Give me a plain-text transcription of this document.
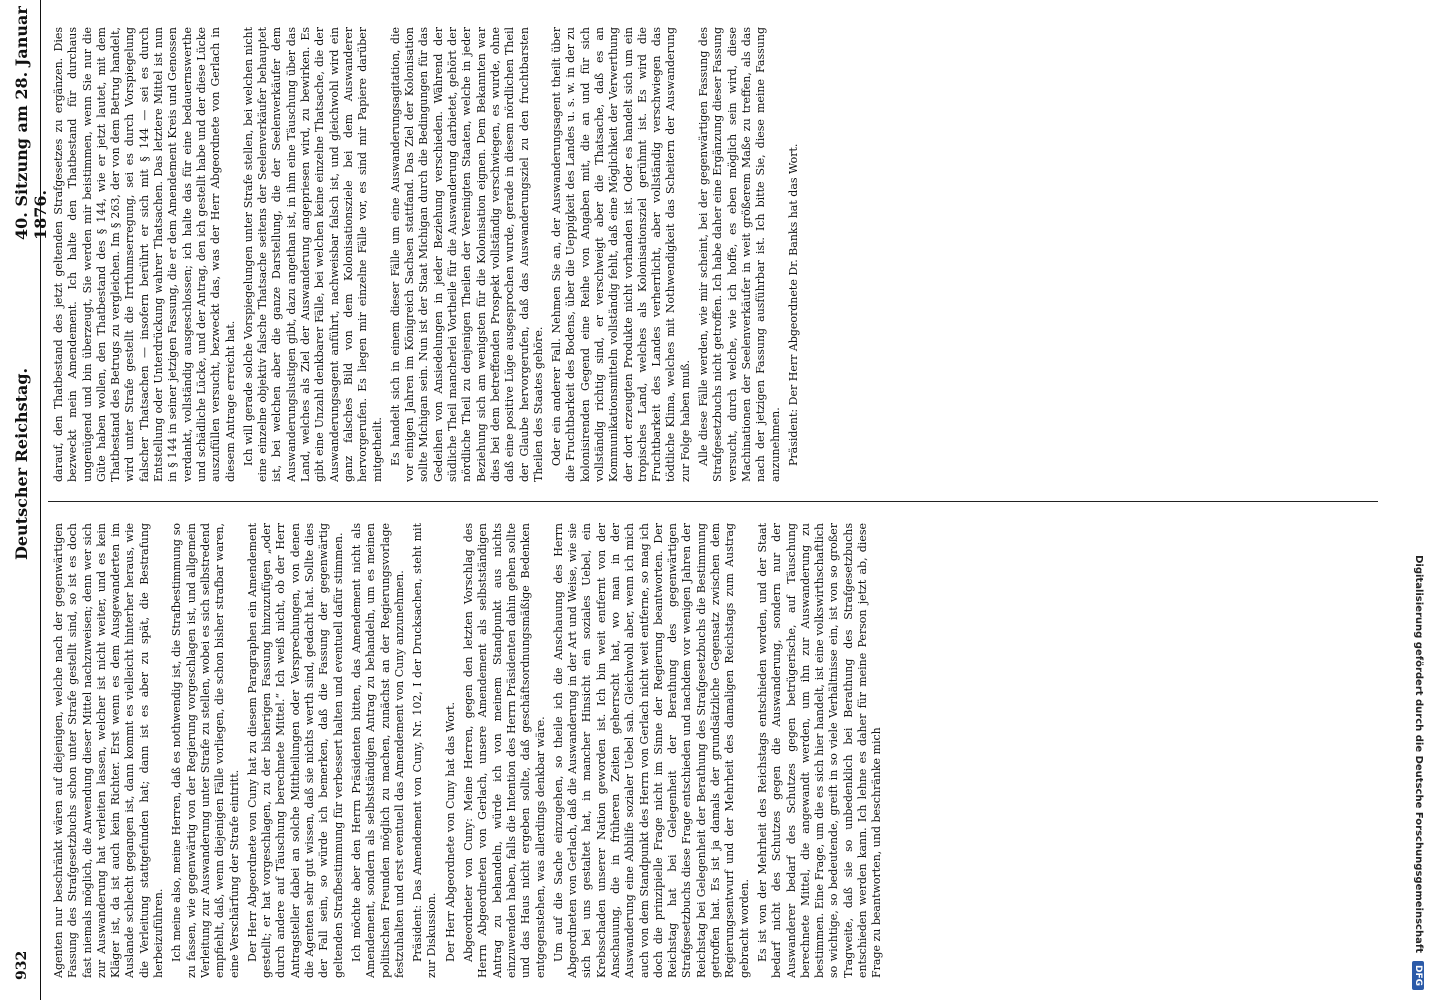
932
Deutscher Reichstag.
40. Sitzung am 28. Januar 1876.

Agenten nur beschränkt wären auf diejenigen, welche nach der gegenwärtigen Fassung des Strafgesetzbuchs schon unter Strafe gestellt sind, so ist es doch fast niemals möglich, die Anwendung dieser Mittel nachzuweisen; denn wer sich zur Auswanderung hat verleiten lassen, welcher ist nicht weiter, und es kein Kläger ist, da ist auch kein Richter. Erst wenn es dem Ausgewanderten im Auslande schlecht gegangen ist, dann kommt es vielleicht hinterher heraus, wie die Verleitung stattgefunden hat; dann ist es aber zu spät, die Bestrafung herbeizuführen. Ich meine also, meine Herren, daß es nothwendig ist, die Strafbestimmung so zu fassen, wie gegenwärtig von der Regierung vorgeschlagen ist, und allgemein Verleitung zur Auswanderung unter Strafe zu stellen, wobei es sich selbstredend empfiehlt, daß, wenn diejenigen Fälle vorliegen, die schon bisher strafbar waren, eine Verschärfung der Strafe eintritt. Der Herr Abgeordnete von Cuny hat zu diesem Paragraphen ein Amendement gestellt; er hat vorgeschlagen, zu der bisherigen Fassung hinzuzufügen „oder durch andere auf Täuschung berechnete Mittel.“ Ich weiß nicht, ob der Herr Antragsteller dabei an solche Mittheilungen oder Versprechungen, von denen die Agenten sehr gut wissen, daß sie nichts werth sind, gedacht hat. Sollte dies der Fall sein, so würde ich bemerken, daß die Fassung der gegenwärtig geltenden Strafbestimmung für verbessert halten und eventuell dafür stimmen. Ich möchte aber den Herrn Präsidenten bitten, das Amendement nicht als Amendement, sondern als selbstständigen Antrag zu behandeln, um es meinen politischen Freunden möglich zu machen, zunächst an der Regierungsvorlage festzuhalten und erst eventuell das Amendement von Cuny anzunehmen. Präsident: Das Amendement von Cuny, Nr. 102, I der Drucksachen, steht mit zur Diskussion. Der Herr Abgeordnete von Cuny hat das Wort. Abgeordneter von Cuny: Meine Herren, gegen den letzten Vorschlag des Herrn Abgeordneten von Gerlach, unsere Amendement als selbstständigen Antrag zu behandeln, würde ich von meinem Standpunkt aus nichts einzuwenden haben, falls die Intention des Herrn Präsidenten dahin gehen sollte und das Haus nicht ergeben sollte, daß geschäftsordnungsmäßige Bedenken entgegenstehen, was allerdings denkbar wäre. Um auf die Sache einzugehen, so theile ich die Anschauung des Herrn Abgeordneten von Gerlach, daß die Auswanderung in der Art und Weise, wie sie sich bei uns gestaltet hat, in mancher Hinsicht ein soziales Uebel, ein Krebsschaden unserer Nation geworden ist. Ich bin weit entfernt von der Anschauung, die in früheren Zeiten geherrscht hat, wo man in der Auswanderung eine Abhilfe sozialer Uebel sah. Gleichwohl aber, wenn ich mich auch von dem Standpunkt des Herrn von Gerlach nicht weit entferne, so mag ich doch die prinzipielle Frage nicht im Sinne der Regierung beantworten. Der Reichstag hat bei Gelegenheit der Berathung des gegenwärtigen Strafgesetzbuchs diese Frage entschieden und nachdem vor wenigen Jahren der Reichstag bei Gelegenheit der Berathung des Strafgesetzbuchs die Bestimmung getroffen hat. Es ist ja damals der grundsätzliche Gegensatz zwischen dem Regierungsentwurf und der Mehrheit des damaligen Reichstags zum Austrag gebracht worden. Es ist von der Mehrheit des Reichstags entschieden worden, und der Staat bedarf nicht des Schutzes gegen die Auswanderung, sondern nur der Auswanderer bedarf des Schutzes gegen betrügerische, auf Täuschung berechnete Mittel, die angewandt werden, um ihn zur Auswanderung zu bestimmen. Eine Frage, um die es sich hier handelt, ist eine volkswirthschaftlich so wichtige, so bedeutende, greift in so viele Verhältnisse ein, ist von so großer Tragweite, daß sie so unbedenklich bei Berathung des Strafgesetzbuchs entschieden werden kann. Ich lehne es daher für meine Person jetzt ab, diese Frage zu beantworten, und beschränke mich

darauf, den Thatbestand des jetzt geltenden Strafgesetzes zu ergänzen. Dies bezweckt mein Amendement. Ich halte den Thatbestand für durchaus ungenügend und bin überzeugt, Sie werden mir beistimmen, wenn Sie nur die Güte haben wollen, den Thatbestand des § 144, wie er jetzt lautet, mit dem Thatbestand des Betrugs zu vergleichen. Im § 263, der von dem Betrug handelt, wird unter Strafe gestellt die Irrthumserregung, sei es durch Vorspiegelung falscher Thatsachen — insofern berührt er sich mit § 144 — sei es durch Entstellung oder Unterdrückung wahrer Thatsachen. Das letztere Mittel ist nun in § 144 in seiner jetzigen Fassung, die er dem Amendement Kreis und Genossen verdankt, vollständig ausgeschlossen; ich halte das für eine bedauernswerthe und schädliche Lücke, und der Antrag, den ich gestellt habe und der diese Lücke auszufüllen versucht, bezweckt das, was der Herr Abgeordnete von Gerlach in diesem Antrage erreicht hat. Ich will gerade solche Vorspiegelungen unter Strafe stellen, bei welchen nicht eine einzelne objektiv falsche Thatsache seitens der Seelenverkäufer behauptet ist, bei welchen aber die ganze Darstellung, die der Seelenverkäufer dem Auswanderungslustigen gibt, dazu angethan ist, in ihm eine Täuschung über das Land, welches als Ziel der Auswanderung angepriesen wird, zu bewirken. Es gibt eine Unzahl denkbarer Fälle, bei welchen keine einzelne Thatsache, die der Auswanderungsagent anführt, nachweisbar falsch ist, und gleichwohl wird ein ganz falsches Bild von dem Kolonisationsziele bei dem Auswanderer hervorgerufen. Es liegen mir einzelne Fälle vor, es sind mir Papiere darüber mitgetheilt. Es handelt sich in einem dieser Fälle um eine Auswanderungsagitation, die vor einigen Jahren im Königreich Sachsen stattfand. Das Ziel der Kolonisation sollte Michigan sein. Nun ist der Staat Michigan durch die Bedingungen für das Gedeihen von Ansiedelungen in jeder Beziehung verschieden. Während der südliche Theil mancherlei Vortheile für die Auswanderung darbietet, gehört der nördliche Theil zu denjenigen Theilen der Vereinigten Staaten, welche in jeder Beziehung sich am wenigsten für die Kolonisation eignen. Dem Bekannten war dies bei dem betreffenden Prospekt vollständig verschwiegen, es wurde, ohne daß eine positive Lüge ausgesprochen wurde, gerade in diesem nördlichen Theil der Glaube hervorgerufen, daß das Auswanderungsziel zu den fruchtbarsten Theilen des Staates gehöre. Oder ein anderer Fall. Nehmen Sie an, der Auswanderungsagent theilt über die Fruchtbarkeit des Bodens, über die Ueppigkeit des Landes u. s. w. in der zu kolonisirenden Gegend eine Reihe von Angaben mit, die an und für sich vollständig richtig sind, er verschweigt aber die Thatsache, daß es an Kommunikationsmitteln vollständig fehlt, daß eine Möglichkeit der Verwerthung der dort erzeugten Produkte nicht vorhanden ist. Oder es handelt sich um ein tropisches Land, welches als Kolonisationsziel gerühmt ist. Es wird die Fruchtbarkeit des Landes verherrlicht, aber vollständig verschwiegen das tödtliche Klima, welches mit Nothwendigkeit das Scheitern der Auswanderung zur Folge haben muß. Alle diese Fälle werden, wie mir scheint, bei der gegenwärtigen Fassung des Strafgesetzbuchs nicht getroffen. Ich habe daher eine Ergänzung dieser Fassung versucht, durch welche, wie ich hoffe, es eben möglich sein wird, diese Machinationen der Seelenverkäufer in weit größerem Maße zu treffen, als das nach der jetzigen Fassung ausführbar ist. Ich bitte Sie, diese meine Fassung anzunehmen. Präsident: Der Herr Abgeordnete Dr. Banks hat das Wort.

Digitalisierung gefördert durch die Deutsche Forschungsgemeinschaft
DFG
